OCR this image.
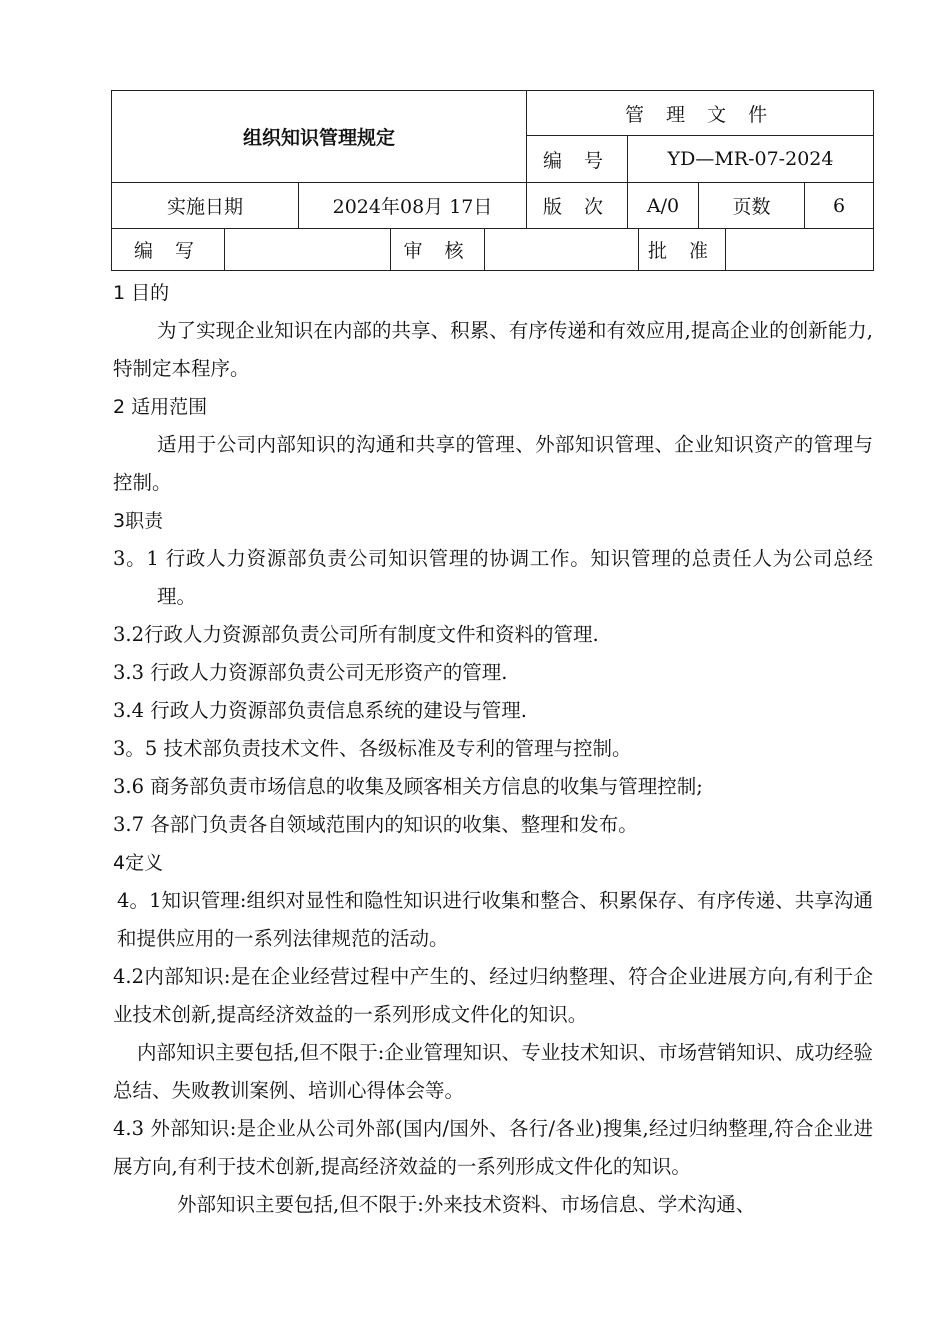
组织知识管理规定		管 理 文 件			
		编 号	YD—MR-07-2024		
实施日期	2024年08月 17日	版 次	A/0	页数	6
编 写		审 核		批 准	

1 目的

为了实现企业知识在内部的共享、积累、有序传递和有效应用,提高企业的创新能力,特制定本程序。

2 适用范围

适用于公司内部知识的沟通和共享的管理、外部知识管理、企业知识资产的管理与控制。

3职责

3。1 行政人力资源部负责公司知识管理的协调工作。知识管理的总责任人为公司总经理。

3.2行政人力资源部负责公司所有制度文件和资料的管理.

3.3 行政人力资源部负责公司无形资产的管理.

3.4 行政人力资源部负责信息系统的建设与管理.

3。5 技术部负责技术文件、各级标准及专利的管理与控制。

3.6 商务部负责市场信息的收集及顾客相关方信息的收集与管理控制;

3.7 各部门负责各自领域范围内的知识的收集、整理和发布。

4定义

4。1知识管理:组织对显性和隐性知识进行收集和整合、积累保存、有序传递、共享沟通和提供应用的一系列法律规范的活动。

4.2内部知识:是在企业经营过程中产生的、经过归纳整理、符合企业进展方向,有利于企业技术创新,提高经济效益的一系列形成文件化的知识。

内部知识主要包括,但不限于:企业管理知识、专业技术知识、市场营销知识、成功经验总结、失败教训案例、培训心得体会等。

4.3 外部知识:是企业从公司外部(国内/国外、各行/各业)搜集,经过归纳整理,符合企业进展方向,有利于技术创新,提高经济效益的一系列形成文件化的知识。

外部知识主要包括,但不限于:外来技术资料、市场信息、学术沟通、
